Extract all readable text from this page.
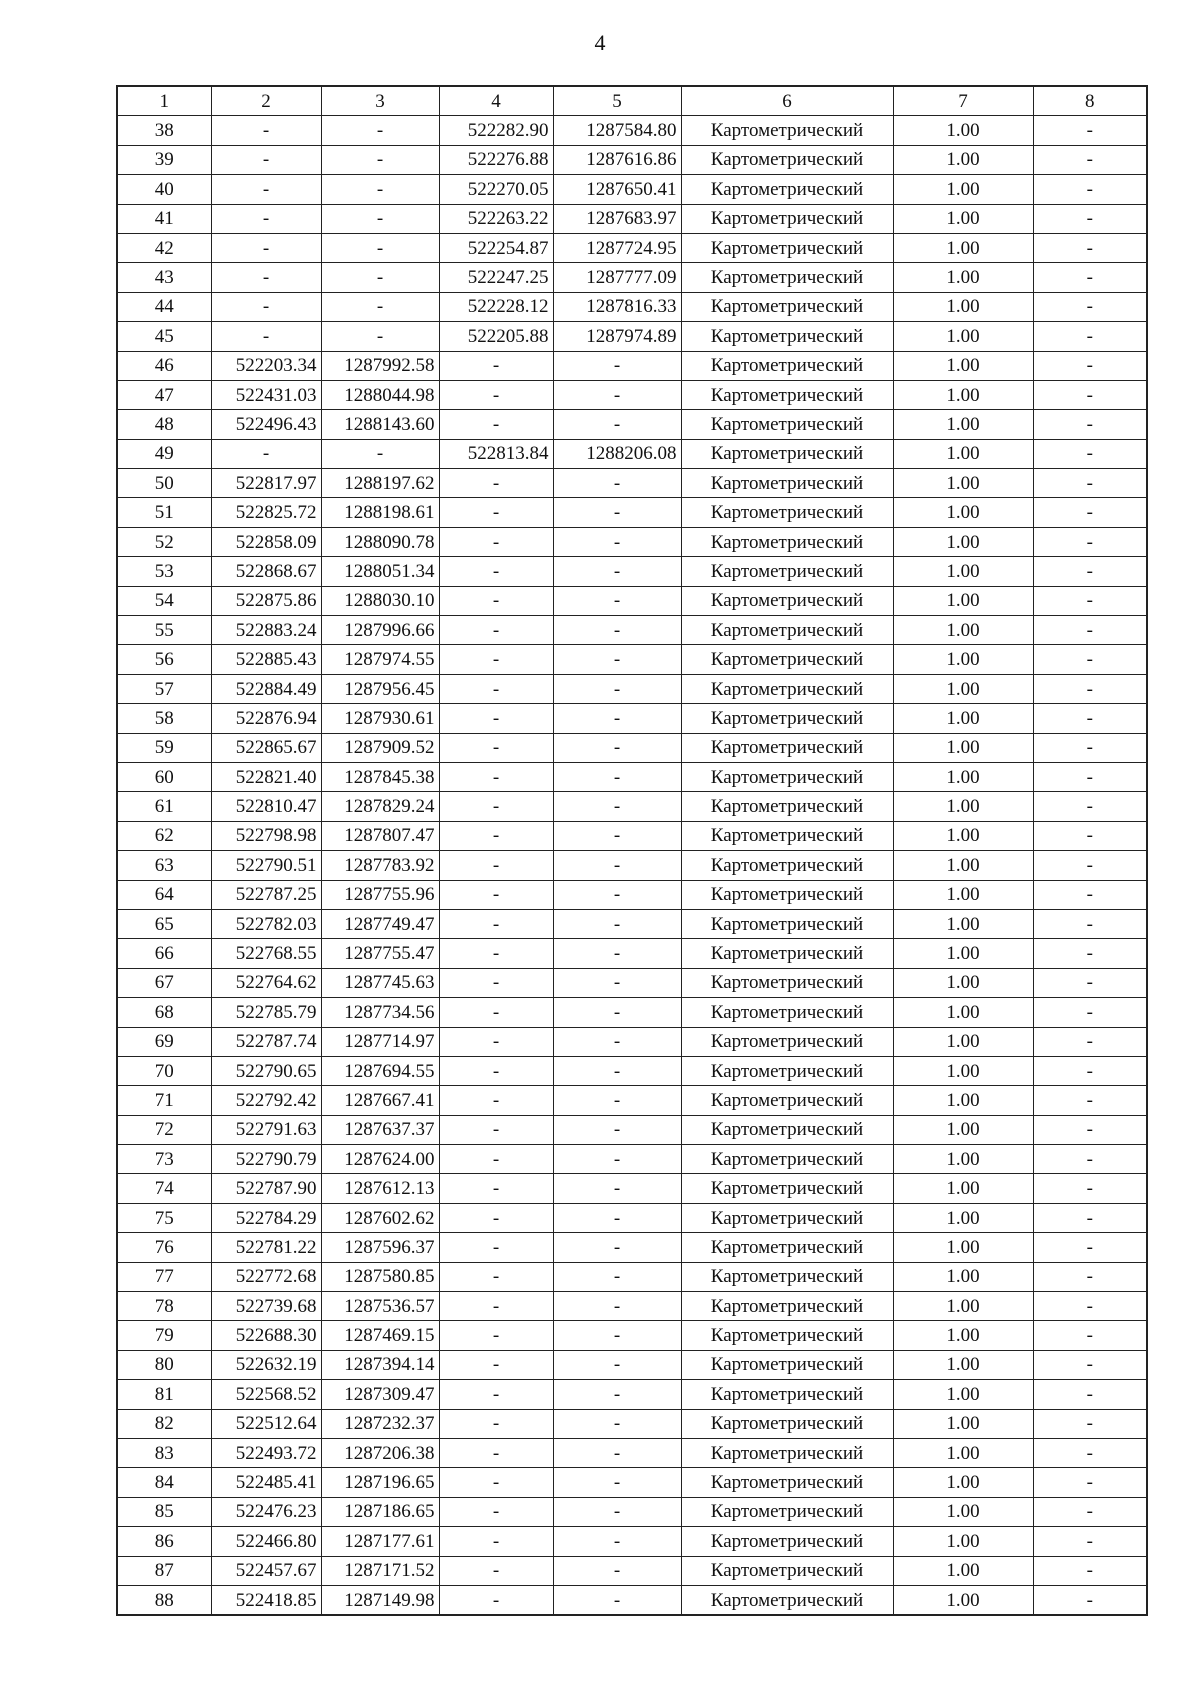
4
1	2	3	4	5	6	7	8
38	-	-	522282.90	1287584.80	Картометрический	1.00	-
39	-	-	522276.88	1287616.86	Картометрический	1.00	-
40	-	-	522270.05	1287650.41	Картометрический	1.00	-
41	-	-	522263.22	1287683.97	Картометрический	1.00	-
42	-	-	522254.87	1287724.95	Картометрический	1.00	-
43	-	-	522247.25	1287777.09	Картометрический	1.00	-
44	-	-	522228.12	1287816.33	Картометрический	1.00	-
45	-	-	522205.88	1287974.89	Картометрический	1.00	-
46	522203.34	1287992.58	-	-	Картометрический	1.00	-
47	522431.03	1288044.98	-	-	Картометрический	1.00	-
48	522496.43	1288143.60	-	-	Картометрический	1.00	-
49	-	-	522813.84	1288206.08	Картометрический	1.00	-
50	522817.97	1288197.62	-	-	Картометрический	1.00	-
51	522825.72	1288198.61	-	-	Картометрический	1.00	-
52	522858.09	1288090.78	-	-	Картометрический	1.00	-
53	522868.67	1288051.34	-	-	Картометрический	1.00	-
54	522875.86	1288030.10	-	-	Картометрический	1.00	-
55	522883.24	1287996.66	-	-	Картометрический	1.00	-
56	522885.43	1287974.55	-	-	Картометрический	1.00	-
57	522884.49	1287956.45	-	-	Картометрический	1.00	-
58	522876.94	1287930.61	-	-	Картометрический	1.00	-
59	522865.67	1287909.52	-	-	Картометрический	1.00	-
60	522821.40	1287845.38	-	-	Картометрический	1.00	-
61	522810.47	1287829.24	-	-	Картометрический	1.00	-
62	522798.98	1287807.47	-	-	Картометрический	1.00	-
63	522790.51	1287783.92	-	-	Картометрический	1.00	-
64	522787.25	1287755.96	-	-	Картометрический	1.00	-
65	522782.03	1287749.47	-	-	Картометрический	1.00	-
66	522768.55	1287755.47	-	-	Картометрический	1.00	-
67	522764.62	1287745.63	-	-	Картометрический	1.00	-
68	522785.79	1287734.56	-	-	Картометрический	1.00	-
69	522787.74	1287714.97	-	-	Картометрический	1.00	-
70	522790.65	1287694.55	-	-	Картометрический	1.00	-
71	522792.42	1287667.41	-	-	Картометрический	1.00	-
72	522791.63	1287637.37	-	-	Картометрический	1.00	-
73	522790.79	1287624.00	-	-	Картометрический	1.00	-
74	522787.90	1287612.13	-	-	Картометрический	1.00	-
75	522784.29	1287602.62	-	-	Картометрический	1.00	-
76	522781.22	1287596.37	-	-	Картометрический	1.00	-
77	522772.68	1287580.85	-	-	Картометрический	1.00	-
78	522739.68	1287536.57	-	-	Картометрический	1.00	-
79	522688.30	1287469.15	-	-	Картометрический	1.00	-
80	522632.19	1287394.14	-	-	Картометрический	1.00	-
81	522568.52	1287309.47	-	-	Картометрический	1.00	-
82	522512.64	1287232.37	-	-	Картометрический	1.00	-
83	522493.72	1287206.38	-	-	Картометрический	1.00	-
84	522485.41	1287196.65	-	-	Картометрический	1.00	-
85	522476.23	1287186.65	-	-	Картометрический	1.00	-
86	522466.80	1287177.61	-	-	Картометрический	1.00	-
87	522457.67	1287171.52	-	-	Картометрический	1.00	-
88	522418.85	1287149.98	-	-	Картометрический	1.00	-
